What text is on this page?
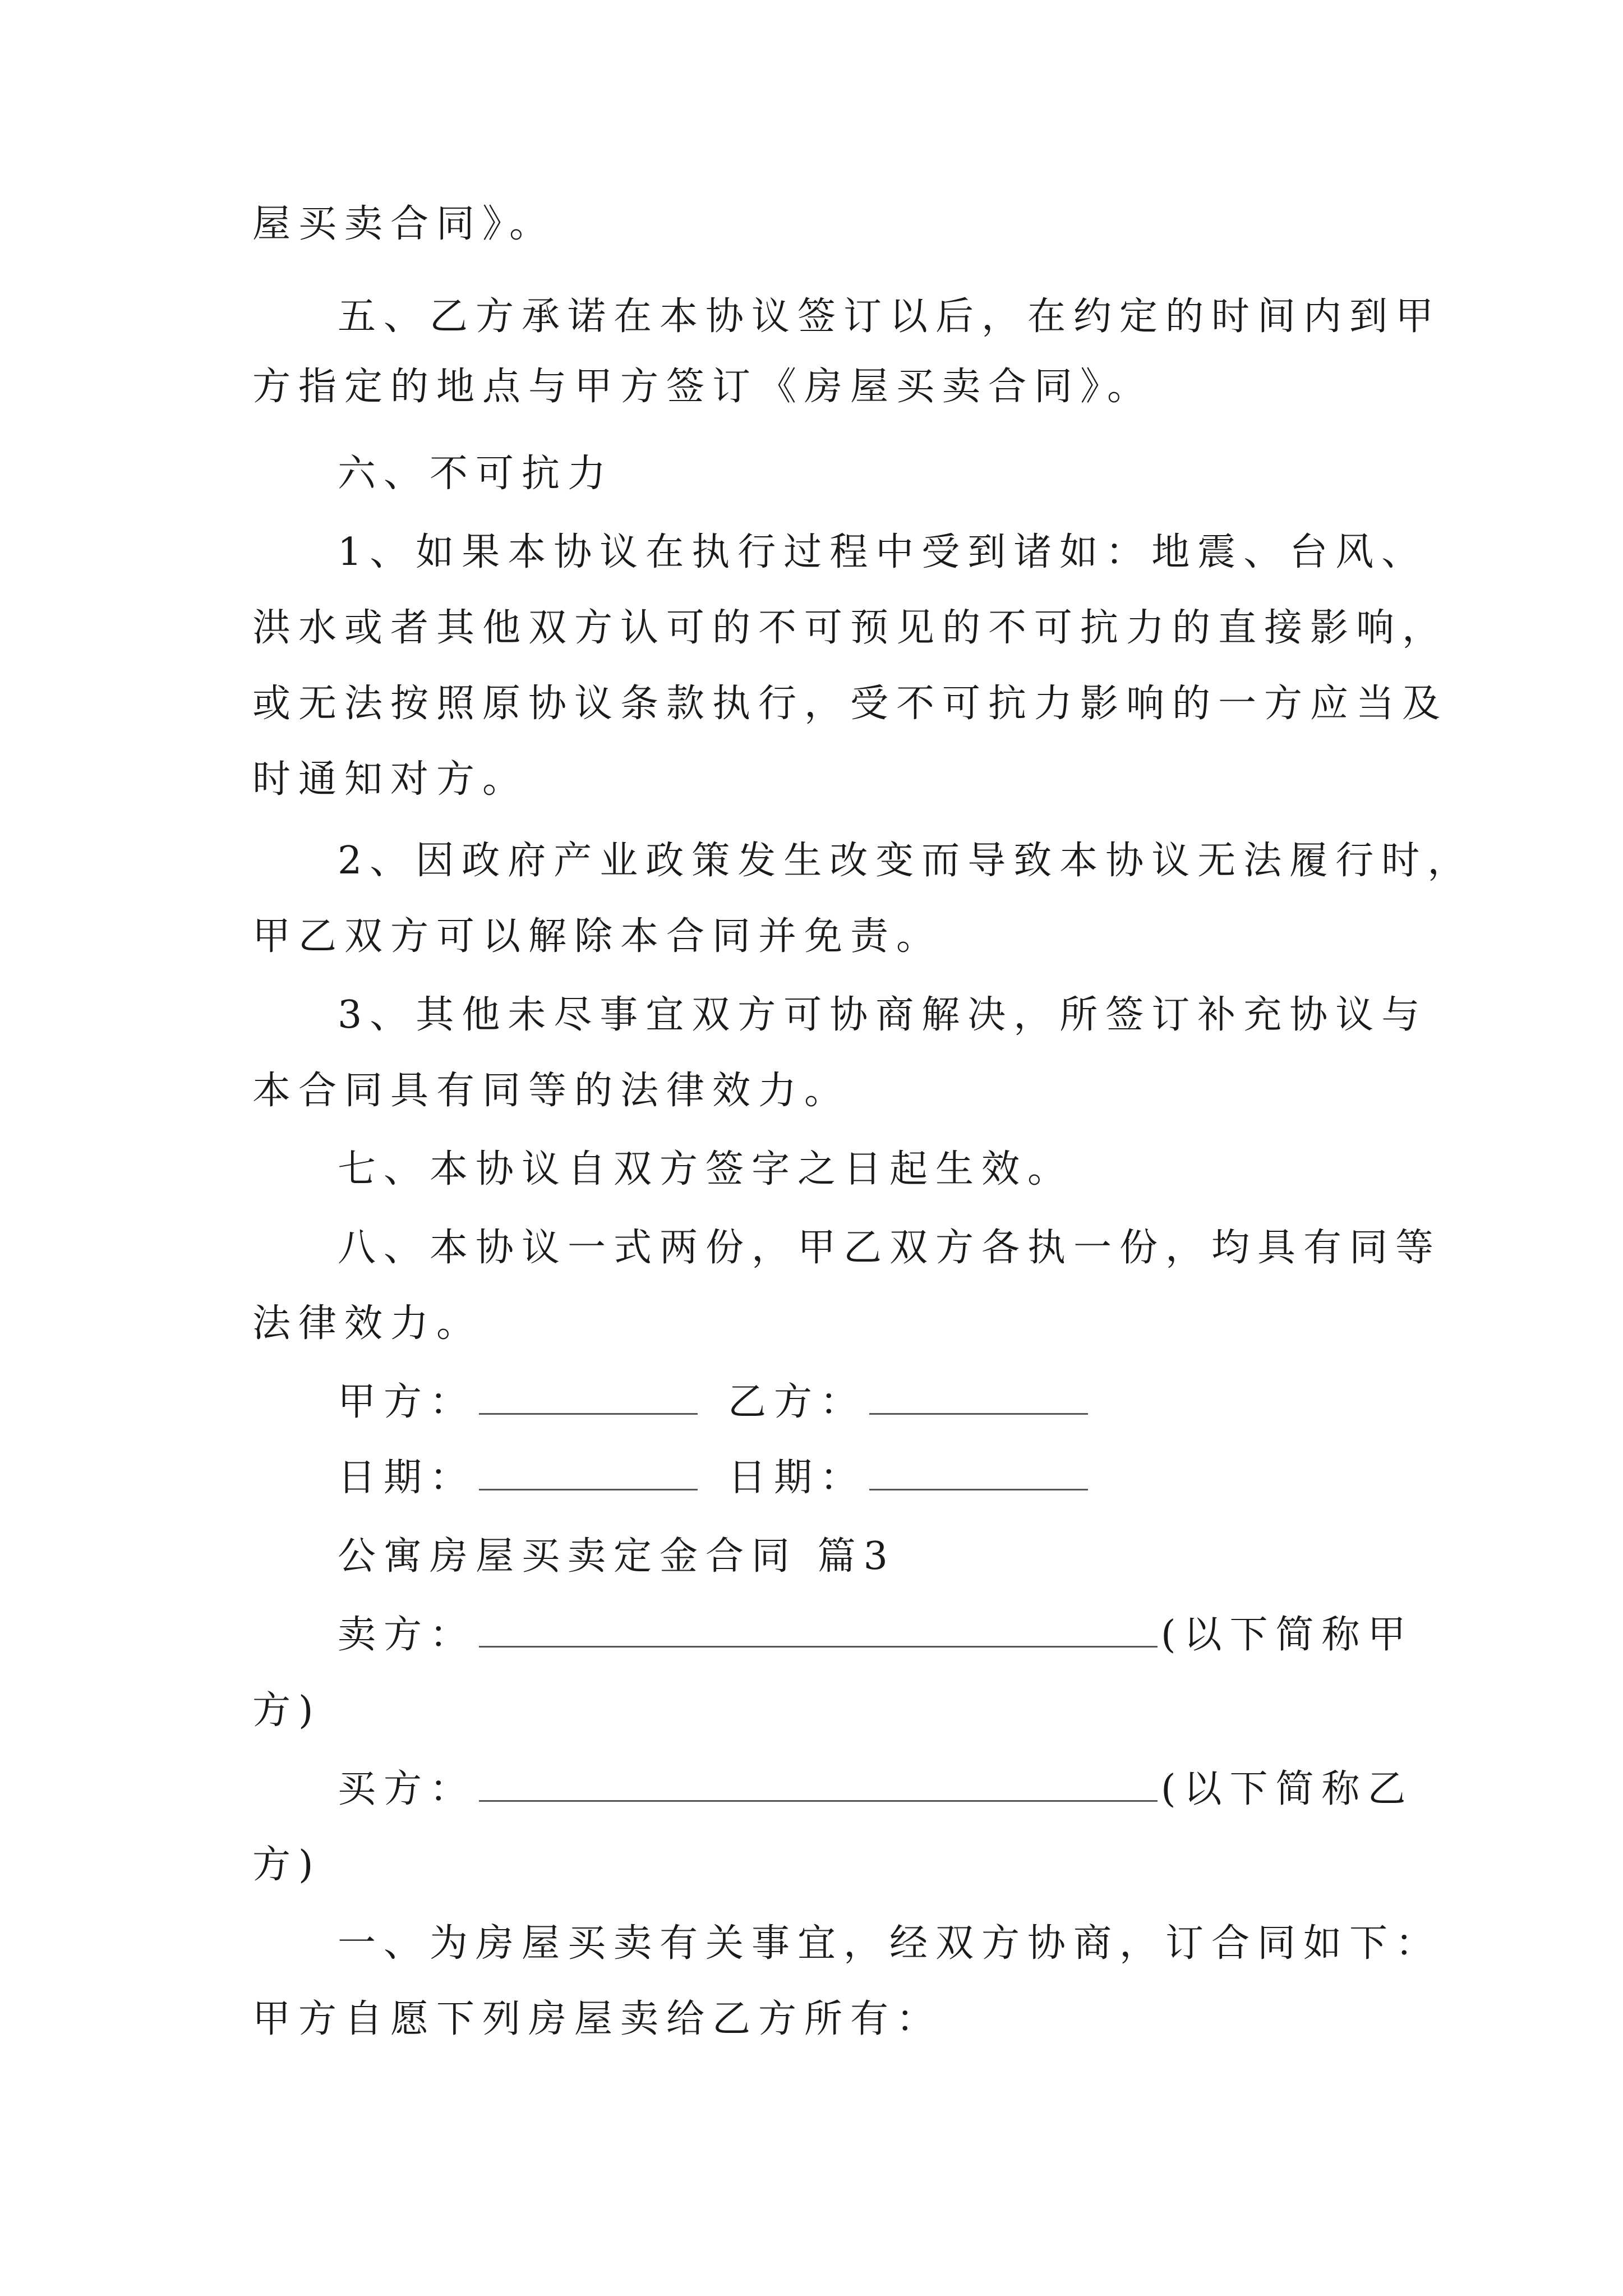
屋买卖合同》。
五、乙方承诺在本协议签订以后，在约定的时间内到甲
方指定的地点与甲方签订《房屋买卖合同》。
六、不可抗力
1、如果本协议在执行过程中受到诸如：地震、台风、
洪水或者其他双方认可的不可预见的不可抗力的直接影响，
或无法按照原协议条款执行，受不可抗力影响的一方应当及
时通知对方。
2、因政府产业政策发生改变而导致本协议无法履行时，
甲乙双方可以解除本合同并免责。
3、其他未尽事宜双方可协商解决，所签订补充协议与
本合同具有同等的法律效力。
七、本协议自双方签字之日起生效。
八、本协议一式两份，甲乙双方各执一份，均具有同等
法律效力。
甲方：	乙方：
日期：	日期：
公寓房屋买卖定金合同 篇3
卖方：	(以下简称甲
方)
买方：	(以下简称乙
方)
一、为房屋买卖有关事宜，经双方协商，订合同如下：
甲方自愿下列房屋卖给乙方所有：
